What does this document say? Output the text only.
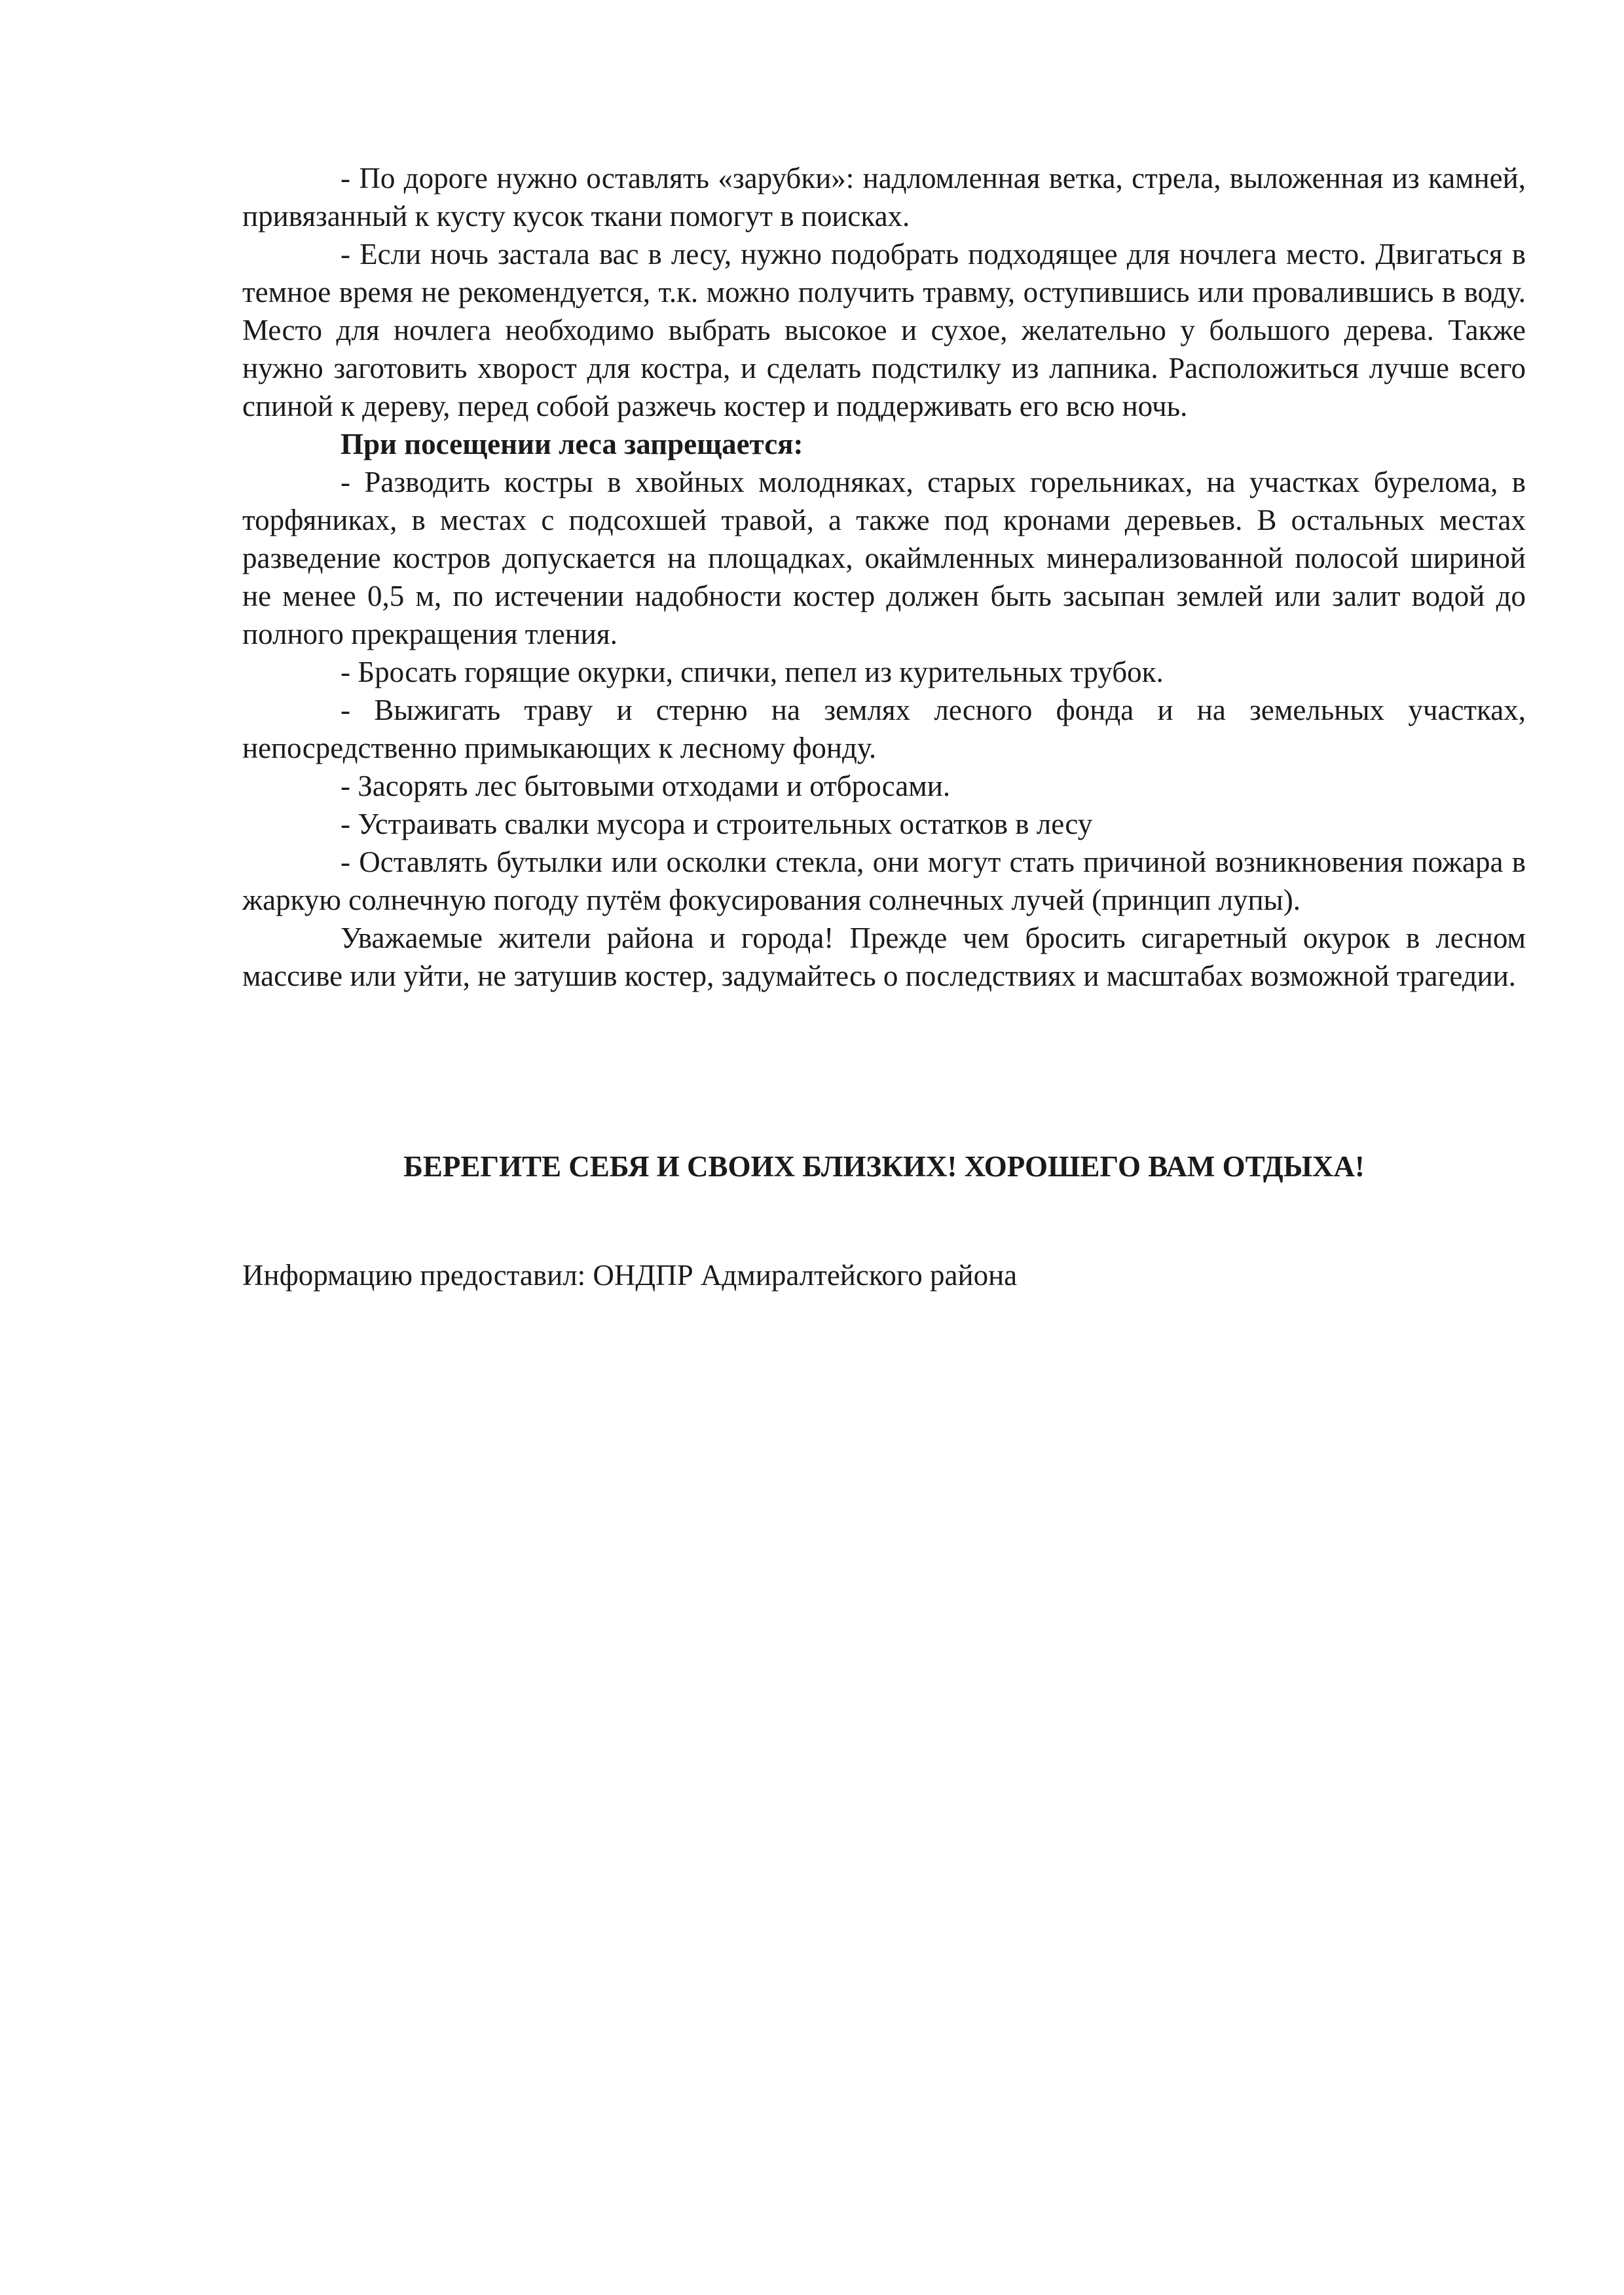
- По дороге нужно оставлять «зарубки»: надломленная ветка, стрела, выложенная из камней, привязанный к кусту кусок ткани помогут в поисках.

- Если ночь застала вас в лесу, нужно подобрать подходящее для ночлега место. Двигаться в темное время не рекомендуется, т.к. можно получить травму, оступившись или провалившись в воду. Место для ночлега необходимо выбрать высокое и сухое, желательно у большого дерева. Также нужно заготовить хворост для костра, и сделать подстилку из лапника. Расположиться лучше всего спиной к дереву, перед собой разжечь костер и поддерживать его всю ночь.

При посещении леса запрещается:

- Разводить костры в хвойных молодняках, старых горельниках, на участках бурелома, в торфяниках, в местах с подсохшей травой, а также под кронами деревьев. В остальных местах разведение костров допускается на площадках, окаймленных минерализованной полосой шириной не менее 0,5 м, по истечении надобности костер должен быть засыпан землей или залит водой до полного прекращения тления.

- Бросать горящие окурки, спички, пепел из курительных трубок.

- Выжигать траву и стерню на землях лесного фонда и на земельных участках, непосредственно примыкающих к лесному фонду.

- Засорять лес бытовыми отходами и отбросами.

- Устраивать свалки мусора и строительных остатков в лесу

- Оставлять бутылки или осколки стекла, они могут стать причиной возникновения пожара в жаркую солнечную погоду путём фокусирования солнечных лучей (принцип лупы).

Уважаемые жители района и города! Прежде чем бросить сигаретный окурок в лесном массиве или уйти, не затушив костер, задумайтесь о последствиях и масштабах возможной трагедии.

БЕРЕГИТЕ СЕБЯ И СВОИХ БЛИЗКИХ! ХОРОШЕГО ВАМ ОТДЫХА!
Информацию предоставил: ОНДПР Адмиралтейского района
